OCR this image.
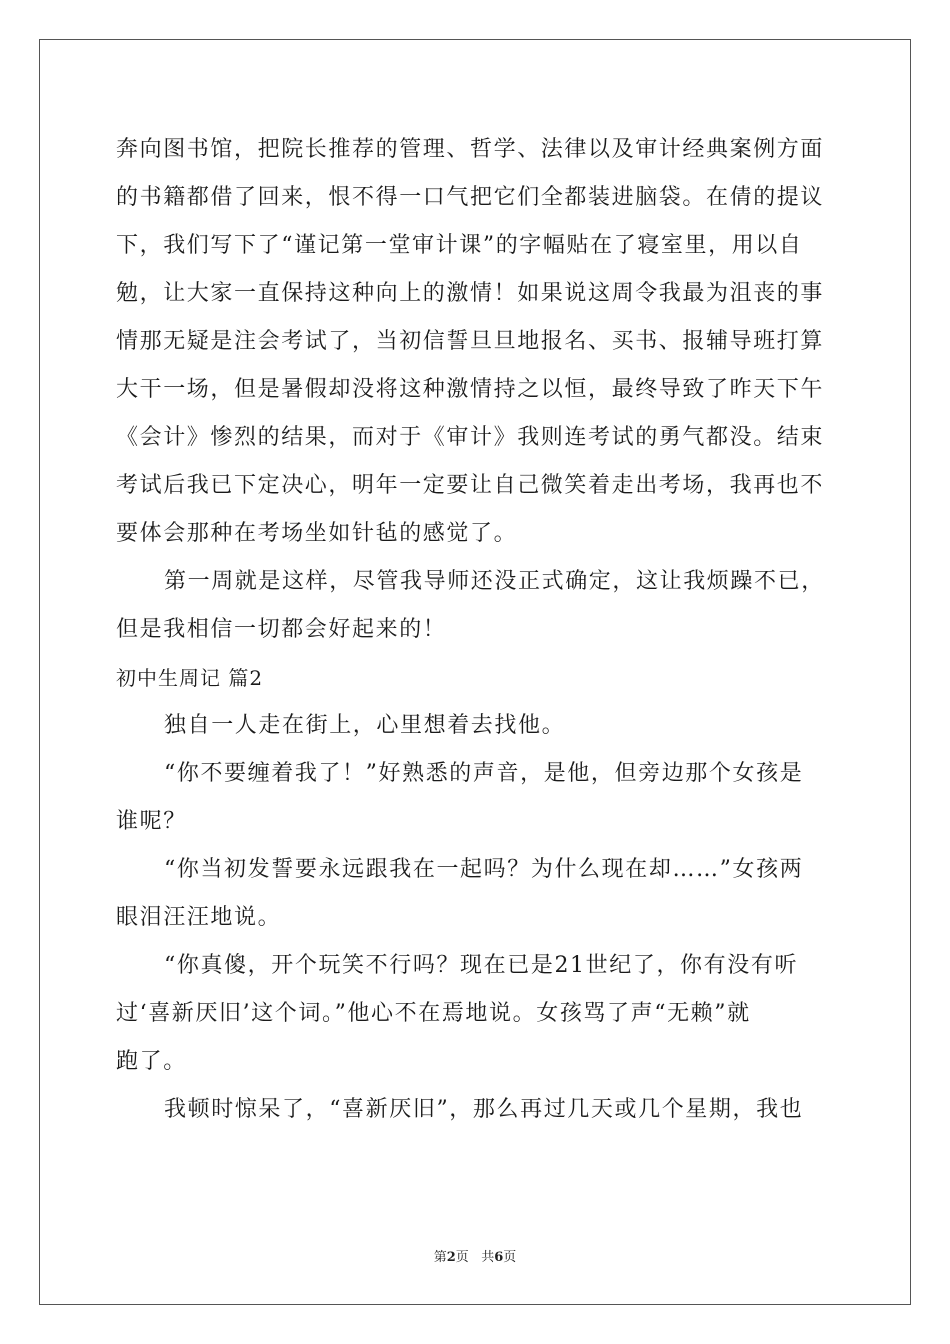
奔向图书馆，把院长推荐的管理、哲学、法律以及审计经典案例方面
的书籍都借了回来，恨不得一口气把它们全都装进脑袋。在倩的提议
下，我们写下了“谨记第一堂审计课”的字幅贴在了寝室里，用以自
勉，让大家一直保持这种向上的激情！如果说这周令我最为沮丧的事
情那无疑是注会考试了，当初信誓旦旦地报名、买书、报辅导班打算
大干一场，但是暑假却没将这种激情持之以恒，最终导致了昨天下午
《会计》惨烈的结果，而对于《审计》我则连考试的勇气都没。结束
考试后我已下定决心，明年一定要让自己微笑着走出考场，我再也不
要体会那种在考场坐如针毡的感觉了。
第一周就是这样，尽管我导师还没正式确定，这让我烦躁不已，
但是我相信一切都会好起来的！
初中生周记 篇2
独自一人走在街上，心里想着去找他。
“你不要缠着我了！”好熟悉的声音，是他，但旁边那个女孩是
谁呢？
“你当初发誓要永远跟我在一起吗？为什么现在却……”女孩两
眼泪汪汪地说。
“你真傻，开个玩笑不行吗？现在已是21世纪了，你有没有听
过‘喜新厌旧’这个词。”他心不在焉地说。女孩骂了声“无赖”就
跑了。
我顿时惊呆了，“喜新厌旧”，那么再过几天或几个星期，我也
第2页 共6页
